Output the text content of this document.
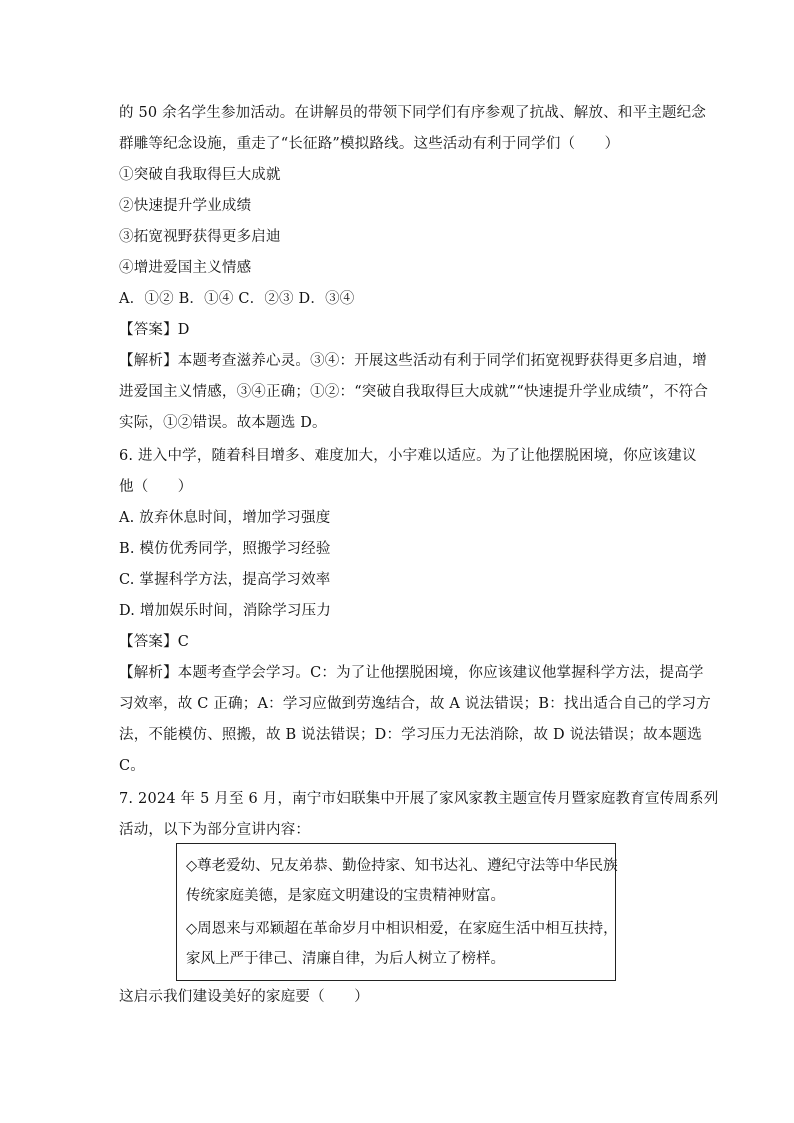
的 50 余名学生参加活动。在讲解员的带领下同学们有序参观了抗战、解放、和平主题纪念
群雕等纪念设施，重走了“长征路”模拟路线。这些活动有利于同学们（　　）
①突破自我取得巨大成就
②快速提升学业成绩
③拓宽视野获得更多启迪
④增进爱国主义情感
A．①② B．①④ C．②③ D．③④
【答案】D
【解析】本题考查滋养心灵。③④：开展这些活动有利于同学们拓宽视野获得更多启迪，增
进爱国主义情感，③④正确；①②：“突破自我取得巨大成就”“快速提升学业成绩”，不符合
实际，①②错误。故本题选 D。
6. 进入中学，随着科目增多、难度加大，小宇难以适应。为了让他摆脱困境，你应该建议
他（　　）
A. 放弃休息时间，增加学习强度
B. 模仿优秀同学，照搬学习经验
C. 掌握科学方法，提高学习效率
D. 增加娱乐时间，消除学习压力
【答案】C
【解析】本题考查学会学习。C：为了让他摆脱困境，你应该建议他掌握科学方法，提高学
习效率，故 C 正确；A：学习应做到劳逸结合，故 A 说法错误；B：找出适合自己的学习方
法，不能模仿、照搬，故 B 说法错误；D：学习压力无法消除，故 D 说法错误；故本题选
C。
7. 2024 年 5 月至 6 月，南宁市妇联集中开展了家风家教主题宣传月暨家庭教育宣传周系列
活动，以下为部分宣讲内容：
◇尊老爱幼、兄友弟恭、勤俭持家、知书达礼、遵纪守法等中华民族
传统家庭美德，是家庭文明建设的宝贵精神财富。
◇周恩来与邓颖超在革命岁月中相识相爱，在家庭生活中相互扶持，
家风上严于律己、清廉自律，为后人树立了榜样。
这启示我们建设美好的家庭要（　　）
